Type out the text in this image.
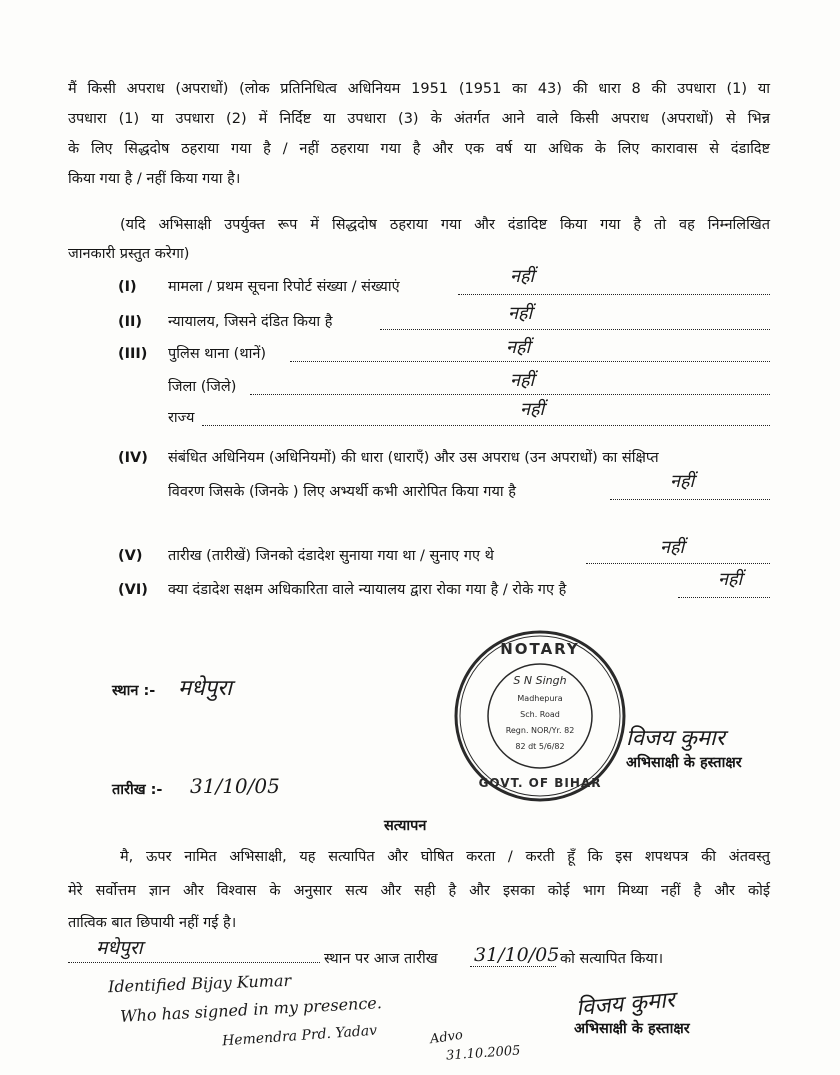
मैं किसी अपराध (अपराधों) (लोक प्रतिनिधित्व अधिनियम 1951 (1951 का 43) की धारा 8 की उपधारा (1) या
उपधारा (1) या उपधारा (2) में निर्दिष्ट या उपधारा (3) के अंतर्गत आने वाले किसी अपराध (अपराधों) से भिन्न
के लिए सिद्धदोष ठहराया गया है / नहीं ठहराया गया है और एक वर्ष या अधिक के लिए कारावास से दंडादिष्ट
किया गया है / नहीं किया गया है।
(यदि अभिसाक्षी उपर्युक्त रूप में सिद्धदोष ठहराया गया और दंडादिष्ट किया गया है तो वह निम्नलिखित
जानकारी प्रस्तुत करेगा)
(I)	मामला / प्रथम सूचना रिपोर्ट संख्या / संख्याएं	नहीं
(II)	न्यायालय, जिसने दंडित किया है	नहीं
(III)	पुलिस थाना (थानें)	नहीं
जिला (जिले)	नहीं
राज्य	नहीं
(IV)	संबंधित अधिनियम (अधिनियमों) की धारा (धाराएँ) और उस अपराध (उन अपराधों) का संक्षिप्त
विवरण जिसके (जिनके ) लिए अभ्यर्थी कभी आरोपित किया गया है	नहीं
(V)	तारीख (तारीखें) जिनको दंडादेश सुनाया गया था / सुनाए गए थे	नहीं
(VI)	क्या दंडादेश सक्षम अधिकारिता वाले न्यायालय द्वारा रोका गया है / रोके गए है	नहीं
स्थान :- मधेपुरा
तारीख :- 31/10/05
NOTARY
S N Singh
Madhepura
Sch. Road
Regn. NOR/Yr. 82
82 dt 5/6/82
GOVT. OF BIHAR
विजय कुमार
अभिसाक्षी के हस्ताक्षर
सत्यापन
मै, ऊपर नामित अभिसाक्षी, यह सत्यापित और घोषित करता / करती हूँ कि इस शपथपत्र की अंतवस्तु
मेरे सर्वोत्तम ज्ञान और विश्वास के अनुसार सत्य और सही है और इसका कोई भाग मिथ्या नहीं है और कोई
तात्विक बात छिपायी नहीं गई है।
मधेपुरा	स्थान पर आज तारीख 31/10/05 को सत्यापित किया।
Identified Bijay Kumar
Who has signed in my presence.
Hemendra Prd. Yadav	Advo
31.10.2005
विजय कुमार
अभिसाक्षी के हस्ताक्षर
